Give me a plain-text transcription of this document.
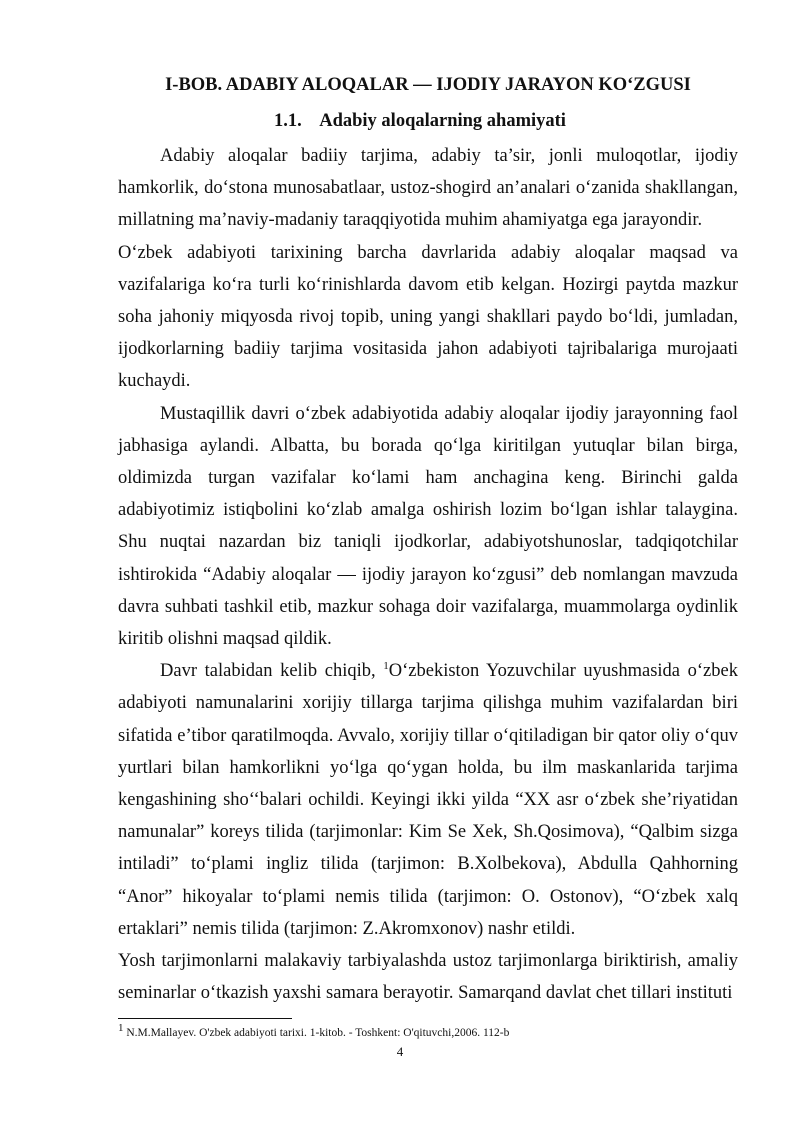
I-BOB. ADABIY ALOQALAR — IJODIY JARAYON KO‘ZGUSI
1.1. Adabiy aloqalarning ahamiyati

Adabiy aloqalar badiiy tarjima, adabiy ta’sir, jonli muloqotlar, ijodiy hamkorlik, do‘stona munosabatlaar, ustoz-shogird an’analari o‘zanida shakllangan, millatning ma’naviy-madaniy taraqqiyotida muhim ahamiyatga ega jarayondir.

O‘zbek adabiyoti tarixining barcha davrlarida adabiy aloqalar maqsad va vazifalariga ko‘ra turli ko‘rinishlarda davom etib kelgan. Hozirgi paytda mazkur soha jahoniy miqyosda rivoj topib, uning yangi shakllari paydo bo‘ldi, jumladan, ijodkorlarning badiiy tarjima vositasida jahon adabiyoti tajribalariga murojaati kuchaydi.

Mustaqillik davri o‘zbek adabiyotida adabiy aloqalar ijodiy jarayonning faol jabhasiga aylandi. Albatta, bu borada qo‘lga kiritilgan yutuqlar bilan birga, oldimizda turgan vazifalar ko‘lami ham anchagina keng. Birinchi galda adabiyotimiz istiqbolini ko‘zlab amalga oshirish lozim bo‘lgan ishlar talaygina. Shu nuqtai nazardan biz taniqli ijodkorlar, adabiyotshunoslar, tadqiqotchilar ishtirokida “Adabiy aloqalar — ijodiy jarayon ko‘zgusi” deb nomlangan mavzuda davra suhbati tashkil etib, mazkur sohaga doir vazifalarga, muammolarga oydinlik kiritib olishni maqsad qildik.

Davr talabidan kelib chiqib, $^1$O‘zbekiston Yozuvchilar uyushmasida o‘zbek adabiyoti namunalarini xorijiy tillarga tarjima qilishga muhim vazifalardan biri sifatida e’tibor qaratilmoqda. Avvalo, xorijiy tillar o‘qitiladigan bir qator oliy o‘quv yurtlari bilan hamkorlikni yo‘lga qo‘ygan holda, bu ilm maskanlarida tarjima kengashining sho‘‘balari ochildi. Keyingi ikki yilda “XX asr o‘zbek she’riyatidan namunalar” koreys tilida (tarjimonlar: Kim Se Xek, Sh.Qosimova), “Qalbim sizga intiladi” to‘plami ingliz tilida (tarjimon: B.Xolbekova), Abdulla Qahhorning “Anor” hikoyalar to‘plami nemis tilida (tarjimon: O. Ostonov), “O‘zbek xalq ertaklari” nemis tilida (tarjimon: Z.Akromxonov) nashr etildi.

Yosh tarjimonlarni malakaviy tarbiyalashda ustoz tarjimonlarga biriktirish, amaliy seminarlar o‘tkazish yaxshi samara berayotir. Samarqand davlat chet tillari instituti

1 N.M.Mallayev. O'zbek adabiyoti tarixi. 1-kitob. - Toshkent: O'qituvchi,2006. 112-b
4
